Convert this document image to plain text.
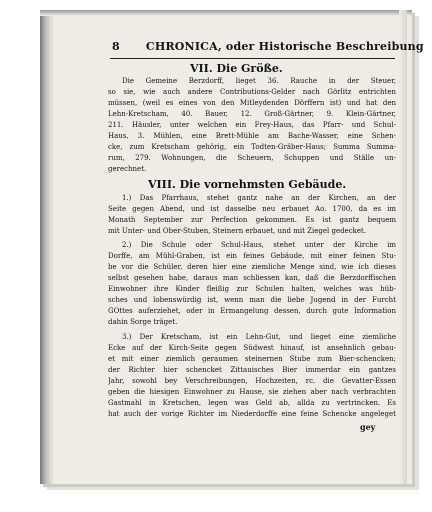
8 CHRONICA, oder Historische Beschreibung
VII. Die Größe.
Die Gemeine Berzdorff, lieget 36. Rauche in der Steuer,
so sie, wie auch andere Contributions-Gelder nach Görlitz entrichten
müssen, (weil es eines von den Mitleydenden Dörffern ist) und hat den
Lehn-Kretscham, 40. Bauer, 12. Groß-Gärtner, 9. Klein-Gärtner,
211. Häusler, unter welchen ein Frey-Haus, das Pfarr- und Schul-
Haus, 3. Mühlen, eine Brett-Mühle am Bache-Wasser, eine Schen-
cke, zum Kretscham gehörig, ein Todten-Gräber-Haus; Summa Summa-
rum, 279. Wohnungen, die Scheuern, Schuppen und Ställe un-
gerechnet.
VIII. Die vornehmsten Gebäude.
1.) Das Pfarrhaus, stehet gantz nahe an der Kirchen, an der
Seite gegen Abend, und ist dasselbe neu erbauet Ao. 1700, da es im
Monath September zur Perfection gekommen. Es ist gantz bequem
mit Unter- und Ober-Stuben, Steinern erbauet, und mit Ziegel gedecket.
2.) Die Schule oder Schul-Haus, stehet unter der Kirche im
Dorffe, am Mühl-Graben, ist ein feines Gebäude, mit einer feinen Stu-
be vor die Schüler, deren hier eine ziemliche Menge sind, wie ich dieses
selbst gesehen habe, daraus man schliessen kan, daß die Berzdorffischen
Einwohner ihre Kinder fleißig zur Schulen halten, welches was hüb-
sches und lobenswürdig ist, wenn man die liebe Jugend in der Furcht
GOttes auferziehet, oder in Ermangelung dessen, durch gute Information
dahin Sorge träget.
3.) Der Kretscham, ist ein Lehn-Gut, und lieget eine ziemliche
Ecke auf der Kirch-Seite gegen Südwest hinauf, ist ansehnlich gebau-
et mit einer ziemlich geraumen steinernen Stube zum Bier-schencken;
der Richter hier schencket Zittauisches Bier immerdar ein gantzes
Jahr, sowohl bey Verschreibungen, Hochzeiten, rc. die Gevatter-Essen
geben die hiesigen Einwohner zu Hause, sie ziehen aber nach verbrachten
Gastmahl in Kretschen, legen was Geld ab, allda zu vertrincken. Es
hat auch der vorige Richter im Niederdorffe eine feine Schencke angeleget
gey
